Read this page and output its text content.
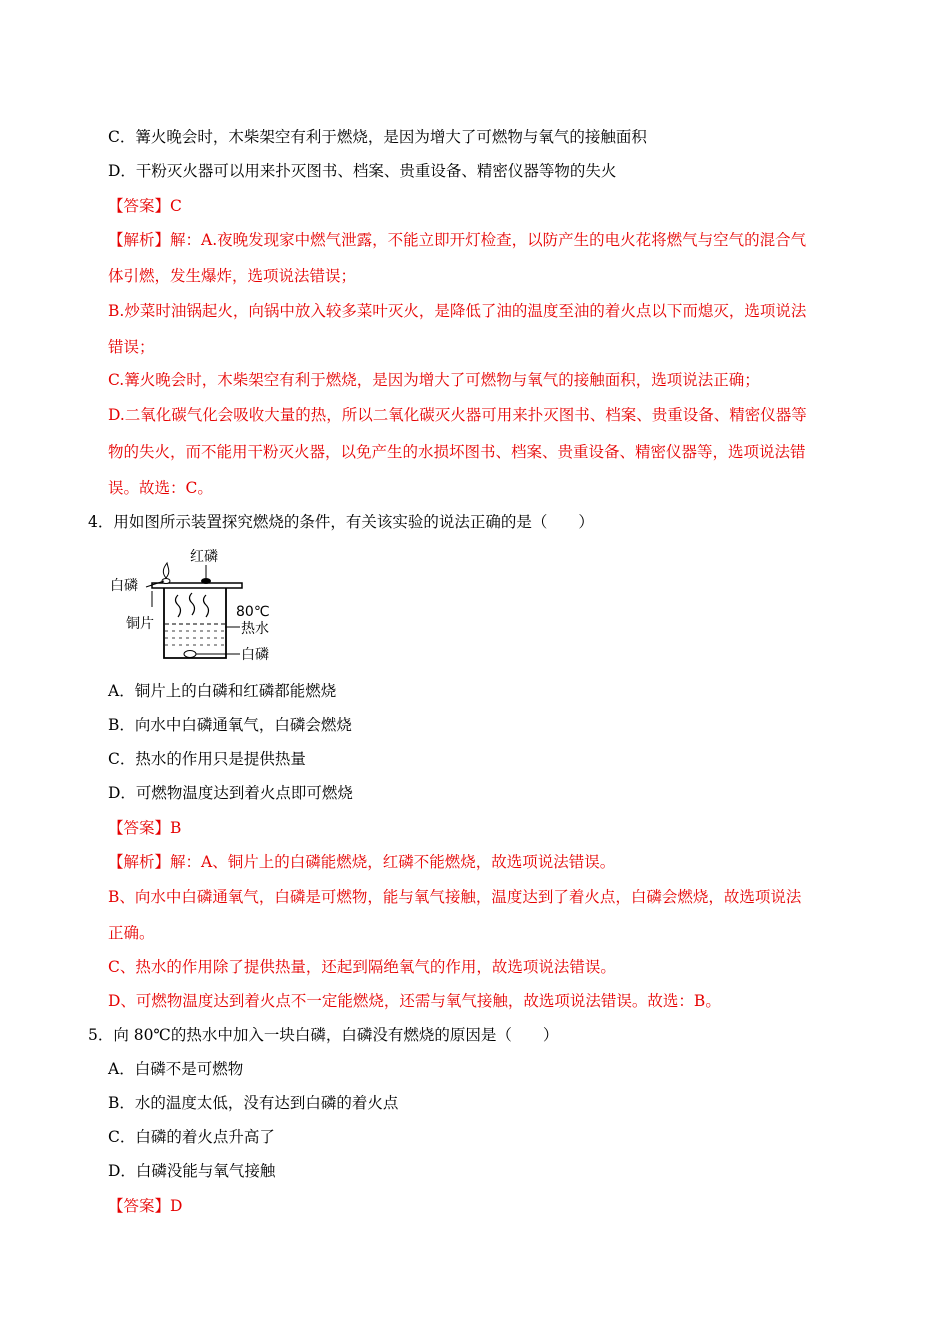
C．篝火晚会时，木柴架空有利于燃烧，是因为增大了可燃物与氧气的接触面积
D．干粉灭火器可以用来扑灭图书、档案、贵重设备、精密仪器等物的失火
【答案】C
【解析】解：A.夜晚发现家中燃气泄露，不能立即开灯检查，以防产生的电火花将燃气与空气的混合气
体引燃，发生爆炸，选项说法错误；
B.炒菜时油锅起火，向锅中放入较多菜叶灭火，是降低了油的温度至油的着火点以下而熄灭，选项说法
错误；
C.篝火晚会时，木柴架空有利于燃烧，是因为增大了可燃物与氧气的接触面积，选项说法正确；
D.二氧化碳气化会吸收大量的热，所以二氧化碳灭火器可用来扑灭图书、档案、贵重设备、精密仪器等
物的失火，而不能用干粉灭火器，以免产生的水损坏图书、档案、贵重设备、精密仪器等，选项说法错
误。故选：C。
4．用如图所示装置探究燃烧的条件，有关该实验的说法正确的是（　　）
红磷
白磷
铜片
80℃
热水
白磷
A．铜片上的白磷和红磷都能燃烧
B．向水中白磷通氧气，白磷会燃烧
C．热水的作用只是提供热量
D．可燃物温度达到着火点即可燃烧
【答案】B
【解析】解：A、铜片上的白磷能燃烧，红磷不能燃烧，故选项说法错误。
B、向水中白磷通氧气，白磷是可燃物，能与氧气接触，温度达到了着火点，白磷会燃烧，故选项说法
正确。
C、热水的作用除了提供热量，还起到隔绝氧气的作用，故选项说法错误。
D、可燃物温度达到着火点不一定能燃烧，还需与氧气接触，故选项说法错误。故选：B。
5．向 80℃的热水中加入一块白磷，白磷没有燃烧的原因是（　　）
A．白磷不是可燃物
B．水的温度太低，没有达到白磷的着火点
C．白磷的着火点升高了
D．白磷没能与氧气接触
【答案】D
